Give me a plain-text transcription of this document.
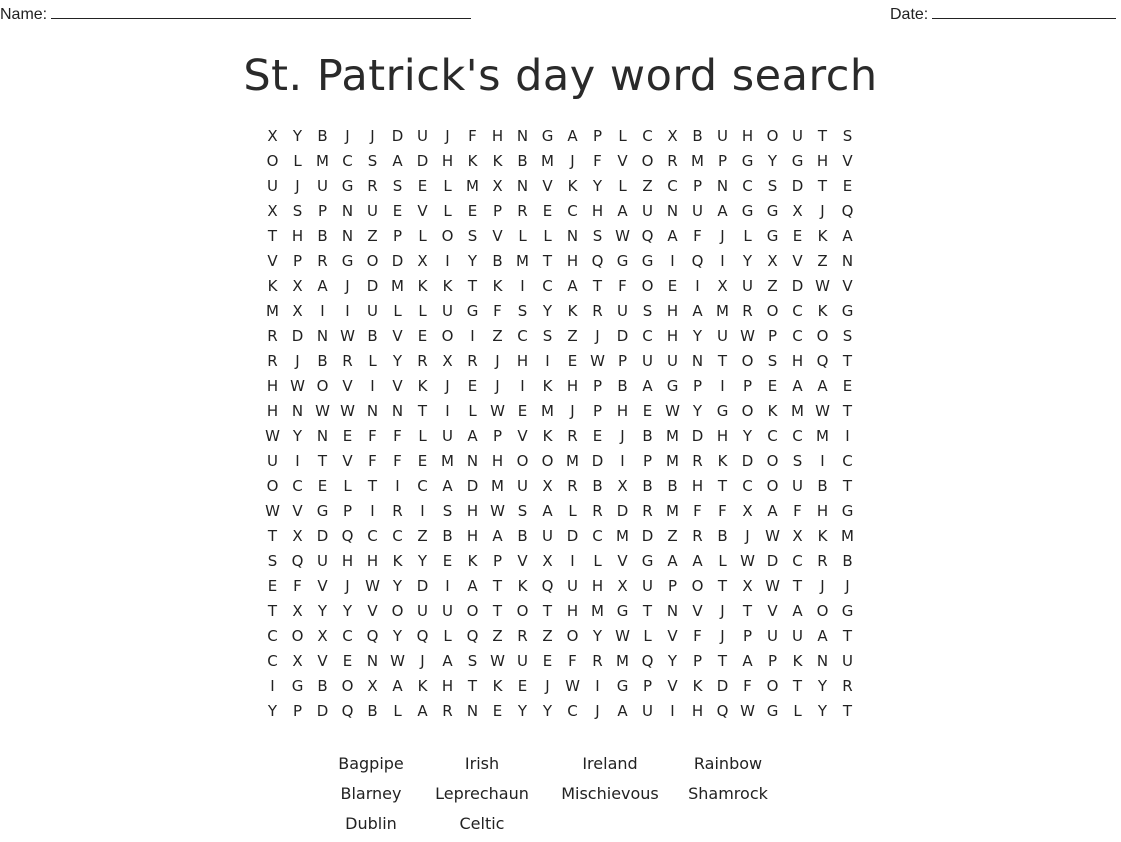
Name:	Date:
St. Patrick's day word search
X	Y	B	J	J	D U	J	F	H N G A	P	L	C X B U H O U T	S
O L M C	S	A D H K	K B M	J	F	V O R M P G Y G H V
U	J	U G R	S	E	L M X N V K	Y	L	Z C	P N C	S D T	E
X	S	P N U E	V	L	E	P	R	E	C H A U N U A G G X	J	Q
T H B N Z	P	L O S	V	L	L	N S W Q A	F	J	L	G E	K A
V	P	R G O D X	I	Y	B M T H Q G G	I	Q	I	Y	X V Z N
K X A	J	D M K	K	T	K	I	C A	T	F O E	I	X U Z D W V
M X	I	I	U	L	L	U G F	S	Y	K R U S H A M R O C K G
R D N W B V	E O	I	Z C	S	Z	J	D C H Y U W P	C O S
R	J	B R	L	Y	R X R	J	H	I	E W P U U N T O S H Q T
H W O V	I	V K	J	E	J	I	K H P	B A G P	I	P	E	A A	E
H N W W N N T	I	L W E M	J	P H E W Y G O K M W T
W Y N E	F	F	L	U A	P	V K R	E	J	B M D H Y	C C M	I
U	I	T	V	F	F	E M N H O O M D	I	P M R K D O S	I	C
O C	E	L	T	I	C A D M U X R B X B B H T	C O U B	T
W V G P	I	R	I	S H W S	A	L	R D R M F	F	X A	F	H G
T	X D Q C C Z B H A B U D C M D Z R B	J	W X K M
S Q U H H K	Y	E	K	P	V X	I	L	V G A A	L W D C R B
E	F	V	J	W Y D	I	A	T	K Q U H X U P O T	X W T	J	J
T	X	Y	Y	V O U U O T O T H M G T N V	J	T	V A O G
C O X C Q Y Q L Q Z R Z O Y W L	V	F	J	P U U A	T
C X V	E N W	J	A	S W U E	F	R M Q Y	P	T	A	P	K N U
I	G B O X A K H T	K	E	J	W	I	G P	V K D F O T	Y	R
Y	P D Q B	L	A R N E	Y	Y	C	J	A U	I	H Q W G	L	Y	T
Bagpipe	Irish	Ireland	Rainbow
Blarney	Leprechaun	Mischievous	Shamrock
Dublin	Celtic
